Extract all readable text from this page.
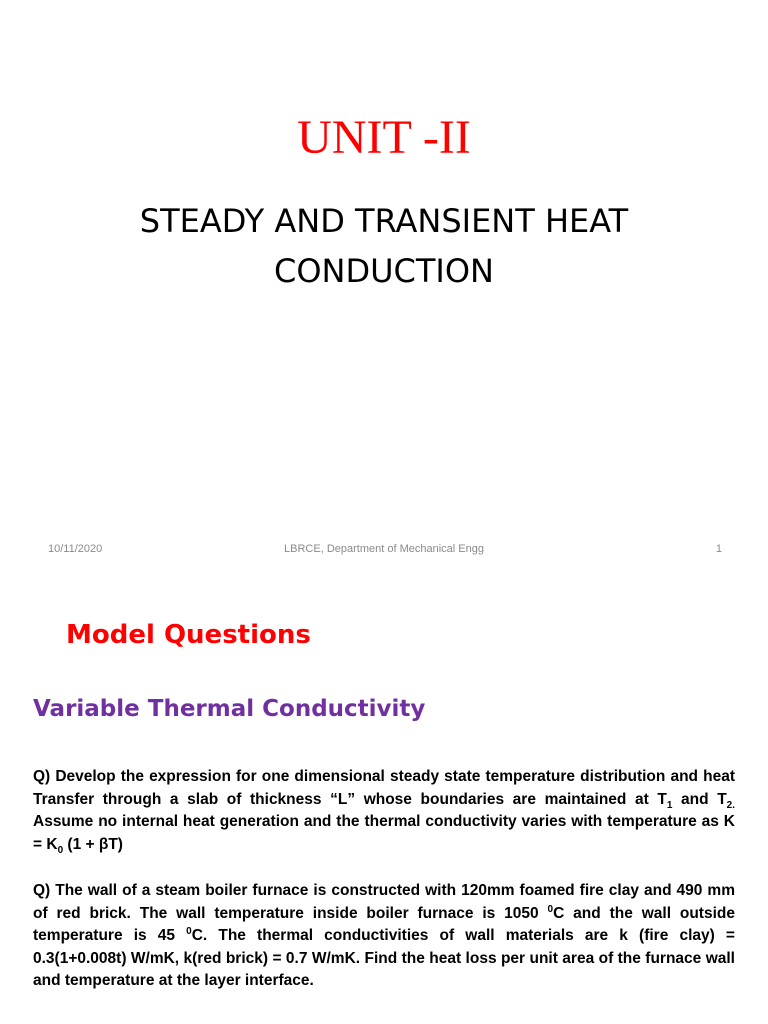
UNIT -II
STEADY AND TRANSIENT HEAT
CONDUCTION
10/11/2020	LBRCE, Department of Mechanical Engg	1
Model Questions
Variable Thermal Conductivity
Q) Develop the expression for one dimensional steady state temperature distribution and heat Transfer through a slab of thickness “L” whose boundaries are maintained at $T_1$ and $T_{2.}$ Assume no internal heat generation and the thermal conductivity varies with temperature as $K = K_0$ (1 + βT)
Q) The wall of a steam boiler furnace is constructed with 120mm foamed fire clay and 490 mm of red brick. The wall temperature inside boiler furnace is 1050 $^0$C and the wall outside temperature is 45 $^0$C. The thermal conductivities of wall materials are k (fire clay) = 0.3(1+0.008t) W/mK, k(red brick) = 0.7 W/mK. Find the heat loss per unit area of the furnace wall and temperature at the layer interface.
